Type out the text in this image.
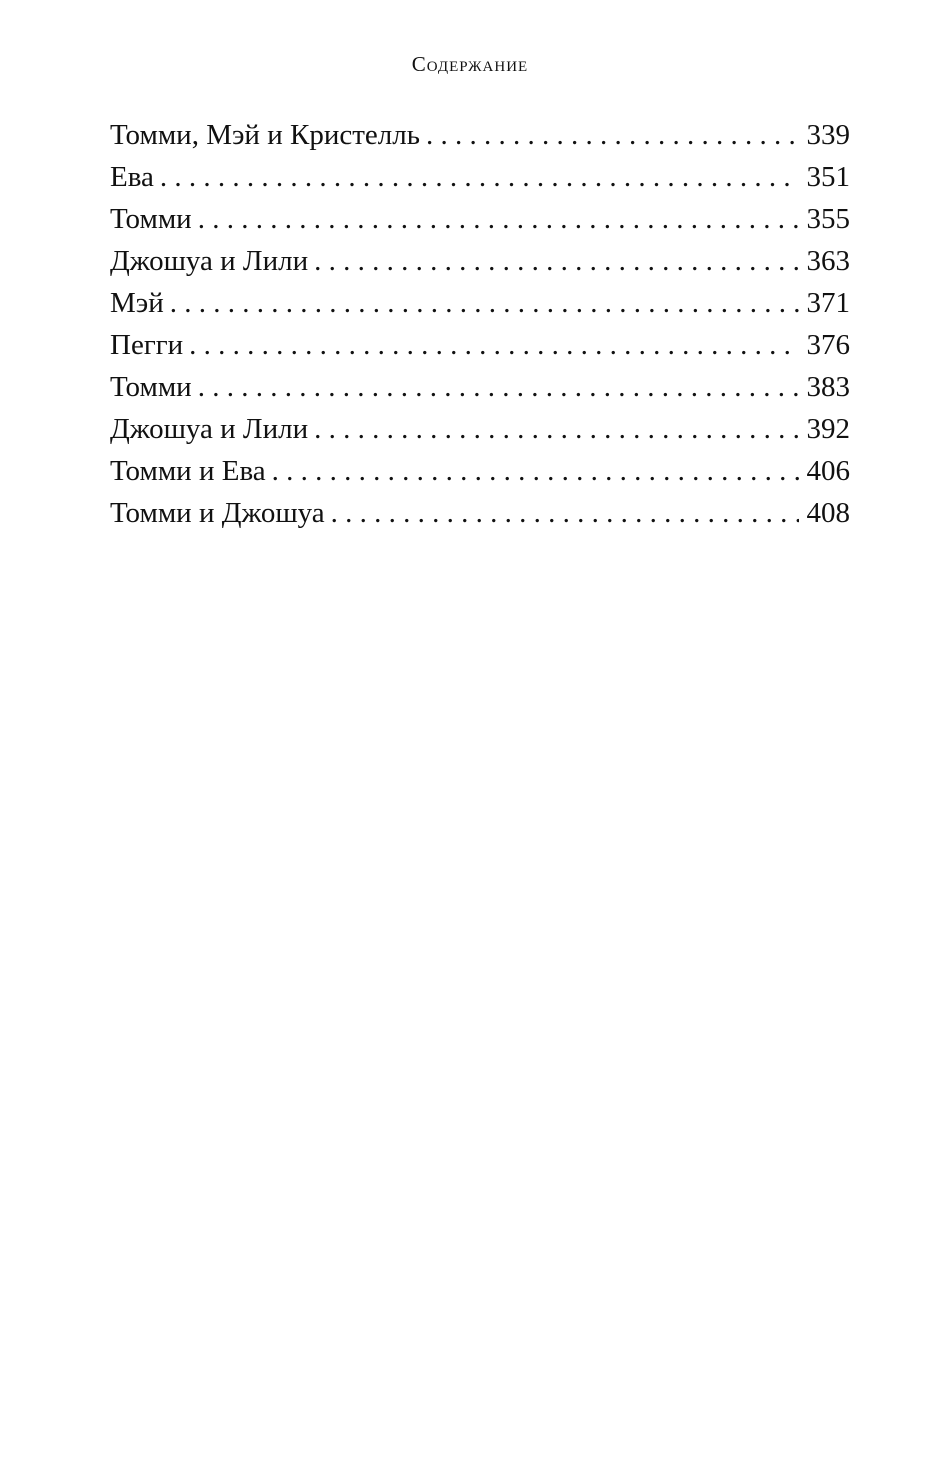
Содержание
Томми, Мэй и Кристелль . . .	339
Ева . . .	351
Томми . . .	355
Джошуа и Лили . . .	363
Мэй . . .	371
Пегги . . .	376
Томми . . .	383
Джошуа и Лили . . .	392
Томми и Ева . . .	406
Томми и Джошуа . . .	408
